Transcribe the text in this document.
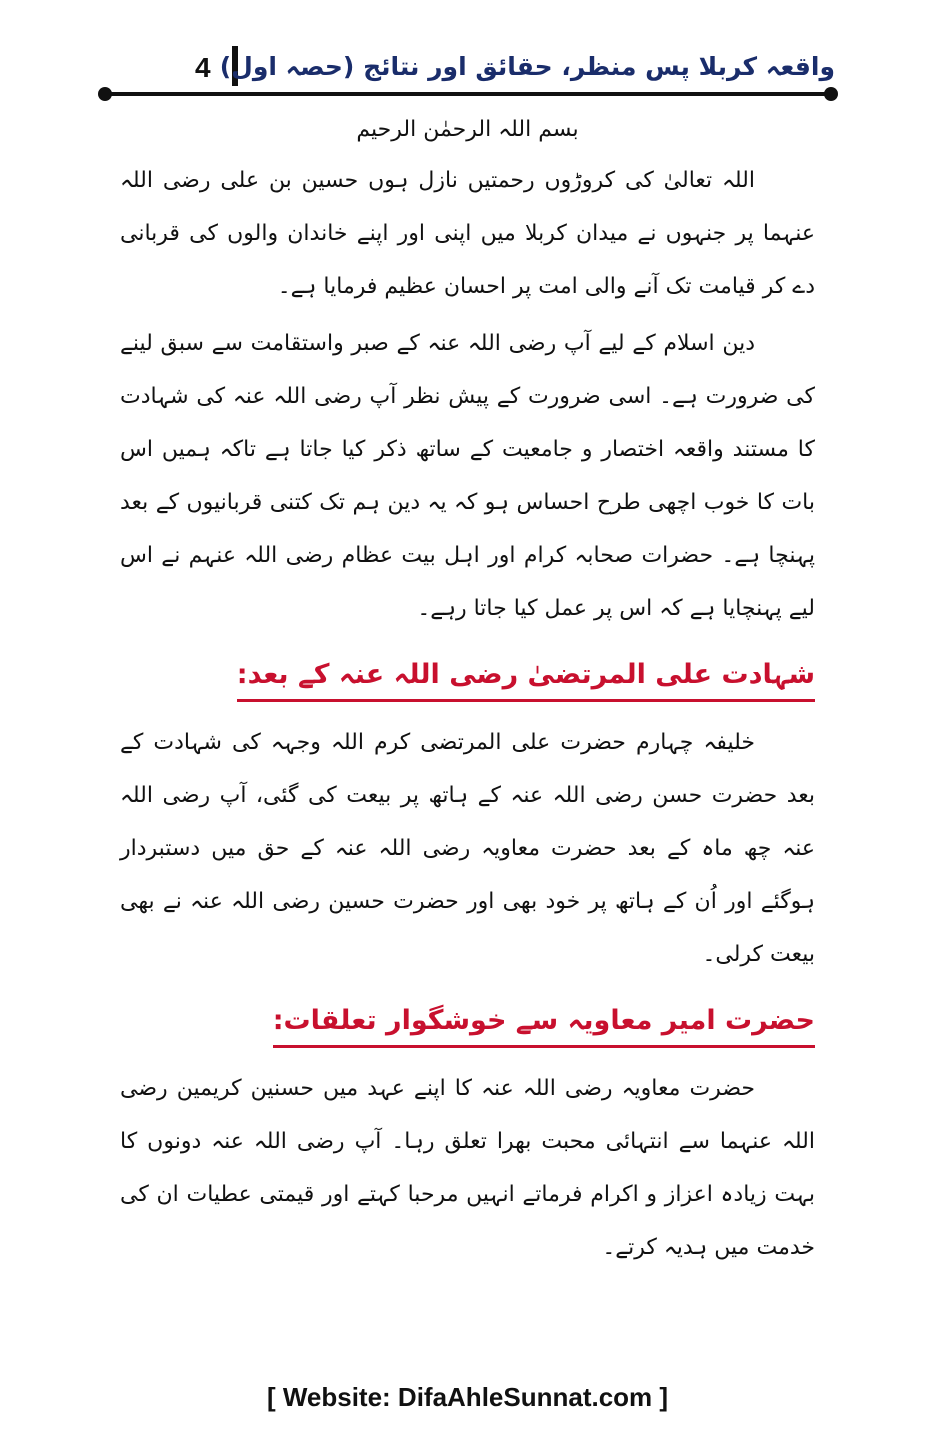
4 واقعہ کربلا پس منظر، حقائق اور نتائج (حصہ اول)
بسم اللہ الرحمٰن الرحیم

اللہ تعالیٰ کی کروڑوں رحمتیں نازل ہوں حسین بن علی رضی اللہ عنہما پر جنہوں نے میدان کربلا میں اپنی اور اپنے خاندان والوں کی قربانی دے کر قیامت تک آنے والی امت پر احسان عظیم فرمایا ہے۔

دین اسلام کے لیے آپ رضی اللہ عنہ کے صبر واستقامت سے سبق لینے کی ضرورت ہے۔ اسی ضرورت کے پیش نظر آپ رضی اللہ عنہ کی شہادت کا مستند واقعہ اختصار و جامعیت کے ساتھ ذکر کیا جاتا ہے تاکہ ہمیں اس بات کا خوب اچھی طرح احساس ہو کہ یہ دین ہم تک کتنی قربانیوں کے بعد پہنچا ہے۔ حضرات صحابہ کرام اور اہل بیت عظام رضی اللہ عنہم نے اس لیے پہنچایا ہے کہ اس پر عمل کیا جاتا رہے۔

شہادت علی المرتضیٰ رضی اللہ عنہ کے بعد:

خلیفہ چہارم حضرت علی المرتضی کرم اللہ وجہہ کی شہادت کے بعد حضرت حسن رضی اللہ عنہ کے ہاتھ پر بیعت کی گئی، آپ رضی اللہ عنہ چھ ماہ کے بعد حضرت معاویہ رضی اللہ عنہ کے حق میں دستبردار ہوگئے اور اُن کے ہاتھ پر خود بھی اور حضرت حسین رضی اللہ عنہ نے بھی بیعت کرلی۔

حضرت امیر معاویہ سے خوشگوار تعلقات:

حضرت معاویہ رضی اللہ عنہ کا اپنے عہد میں حسنین کریمین رضی اللہ عنہما سے انتہائی محبت بھرا تعلق رہا۔ آپ رضی اللہ عنہ دونوں کا بہت زیادہ اعزاز و اکرام فرماتے انہیں مرحبا کہتے اور قیمتی عطیات ان کی خدمت میں ہدیہ کرتے۔

[ Website: DifaAhleSunnat.com ]
